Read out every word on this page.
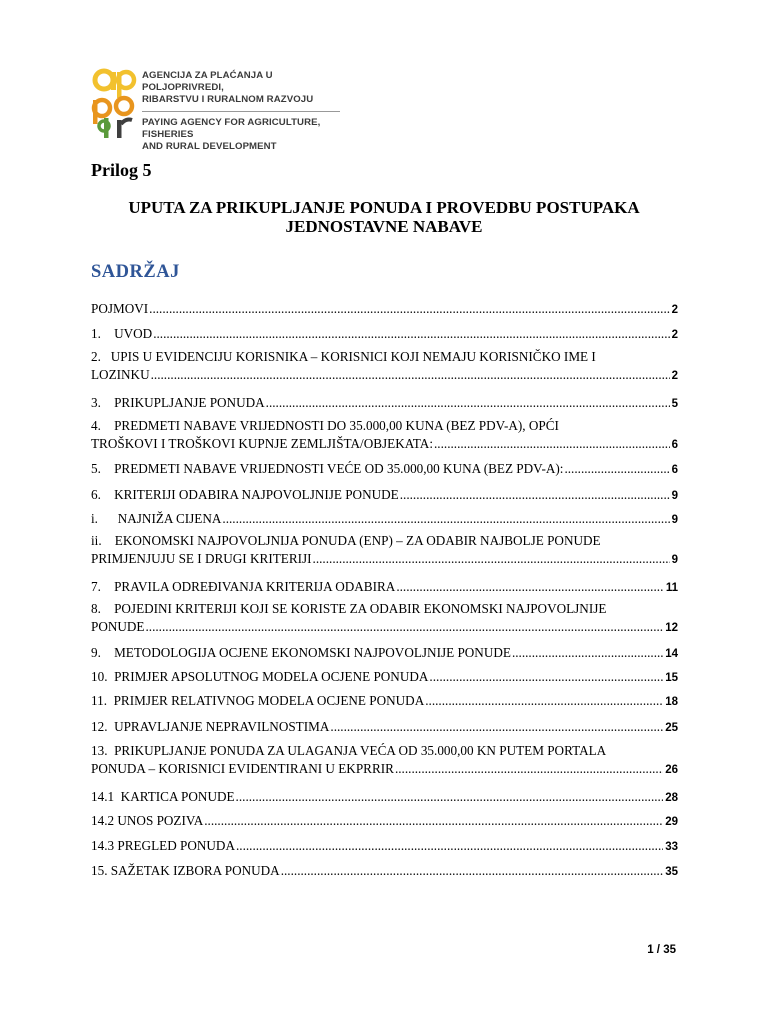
AGENCIJA ZA PLAĆANJA U POLJOPRIVREDI,
RIBARSTVU I RURALNOM RAZVOJU
PAYING AGENCY FOR AGRICULTURE, FISHERIES
AND RURAL DEVELOPMENT
Prilog 5
UPUTA ZA PRIKUPLJANJE PONUDA I PROVEDBU POSTUPAKA
JEDNOSTAVNE NABAVE
SADRŽAJ
POJMOVI .....	2
1.    UVOD .....	2
2.   UPIS U EVIDENCIJU KORISNIKA – KORISNICI KOJI NEMAJU KORISNIČKO IME I
LOZINKU .....	2
3.    PRIKUPLJANJE PONUDA .....	5
4.    PREDMETI NABAVE VRIJEDNOSTI DO 35.000,00 KUNA (BEZ PDV-A), OPĆI
TROŠKOVI I TROŠKOVI KUPNJE ZEMLJIŠTA/OBJEKATA: .....	6
5.    PREDMETI NABAVE VRIJEDNOSTI VEĆE OD 35.000,00 KUNA (BEZ PDV-A): .....	6
6.    KRITERIJI ODABIRA NAJPOVOLJNIJE PONUDE .....	9
i.      NAJNIŽA CIJENA .....	9
ii.    EKONOMSKI NAJPOVOLJNIJA PONUDA (ENP) – ZA ODABIR NAJBOLJE PONUDE
PRIMJENJUJU SE I DRUGI KRITERIJI .....	9
7.    PRAVILA ODREĐIVANJA KRITERIJA ODABIRA .....	11
8.    POJEDINI KRITERIJI KOJI SE KORISTE ZA ODABIR EKONOMSKI NAJPOVOLJNIJE
PONUDE .....	12
9.    METODOLOGIJA OCJENE EKONOMSKI NAJPOVOLJNIJE PONUDE .....	14
10.  PRIMJER APSOLUTNOG MODELA OCJENE PONUDA .....	15
11.  PRIMJER RELATIVNOG MODELA OCJENE PONUDA .....	18
12.  UPRAVLJANJE NEPRAVILNOSTIMA .....	25
13.  PRIKUPLJANJE PONUDA ZA ULAGANJA VEĆA OD 35.000,00 KN PUTEM PORTALA
PONUDA – KORISNICI EVIDENTIRANI U EKPRRIR .....	26
14.1  KARTICA PONUDE .....	28
14.2 UNOS POZIVA .....	29
14.3 PREGLED PONUDA .....	33
15. SAŽETAK IZBORA PONUDA .....	35
1 / 35
